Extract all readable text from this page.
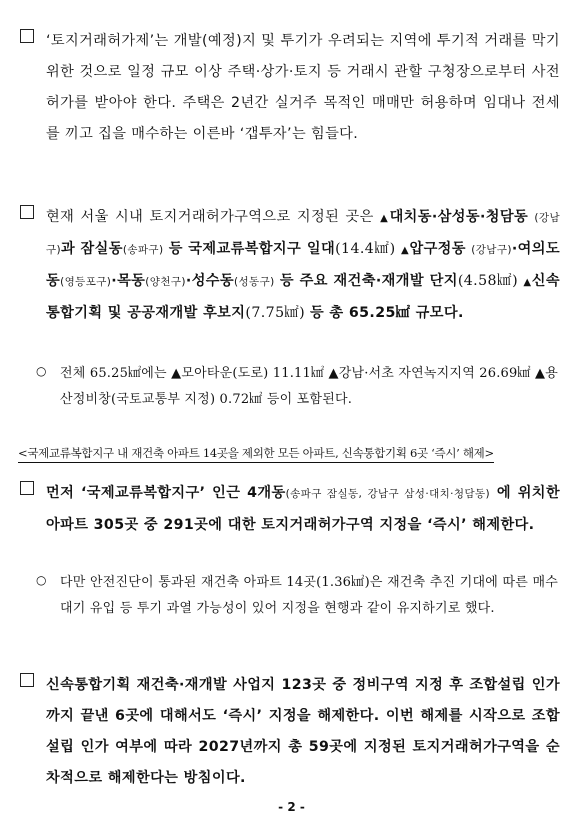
‘토지거래허가제’는 개발(예정)지 및 투기가 우려되는 지역에 투기적 거래를 막기 위한 것으로 일정 규모 이상 주택·상가·토지 등 거래시 관할 구청장으로부터 사전허가를 받아야 한다. 주택은 2년간 실거주 목적인 매매만 허용하며 임대나 전세를 끼고 집을 매수하는 이른바 ‘갭투자’는 힘들다.
현재 서울 시내 토지거래허가구역으로 지정된 곳은 ▲대치동·삼성동·청담동 (강남구)과 잠실동(송파구) 등 국제교류복합지구 일대(14.4㎢) ▲압구정동 (강남구)·여의도동(영등포구)·목동(양천구)·성수동(성동구) 등 주요 재건축·재개발 단지(4.58㎢) ▲신속통합기획 및 공공재개발 후보지(7.75㎢) 등 총 65.25㎢ 규모다.
○ 전체 65.25㎢에는 ▲모아타운(도로) 11.11㎢ ▲강남·서초 자연녹지지역 26.69㎢ ▲용산정비창(국토교통부 지정) 0.72㎢ 등이 포함된다.
<국제교류복합지구 내 재건축 아파트 14곳을 제외한 모든 아파트, 신속통합기획 6곳 ‘즉시’ 해제>
먼저 ‘국제교류복합지구’ 인근 4개동(송파구 잠실동, 강남구 삼성·대치·청담동) 에 위치한 아파트 305곳 중 291곳에 대한 토지거래허가구역 지정을 ‘즉시’ 해제한다.
○ 다만 안전진단이 통과된 재건축 아파트 14곳(1.36㎢)은 재건축 추진 기대에 따른 매수 대기 유입 등 투기 과열 가능성이 있어 지정을 현행과 같이 유지하기로 했다.
신속통합기획 재건축·재개발 사업지 123곳 중 정비구역 지정 후 조합설립 인가까지 끝낸 6곳에 대해서도 ‘즉시’ 지정을 해제한다. 이번 해제를 시작으로 조합설립 인가 여부에 따라 2027년까지 총 59곳에 지정된 토지거래허가구역을 순차적으로 해제한다는 방침이다.
- 2 -
